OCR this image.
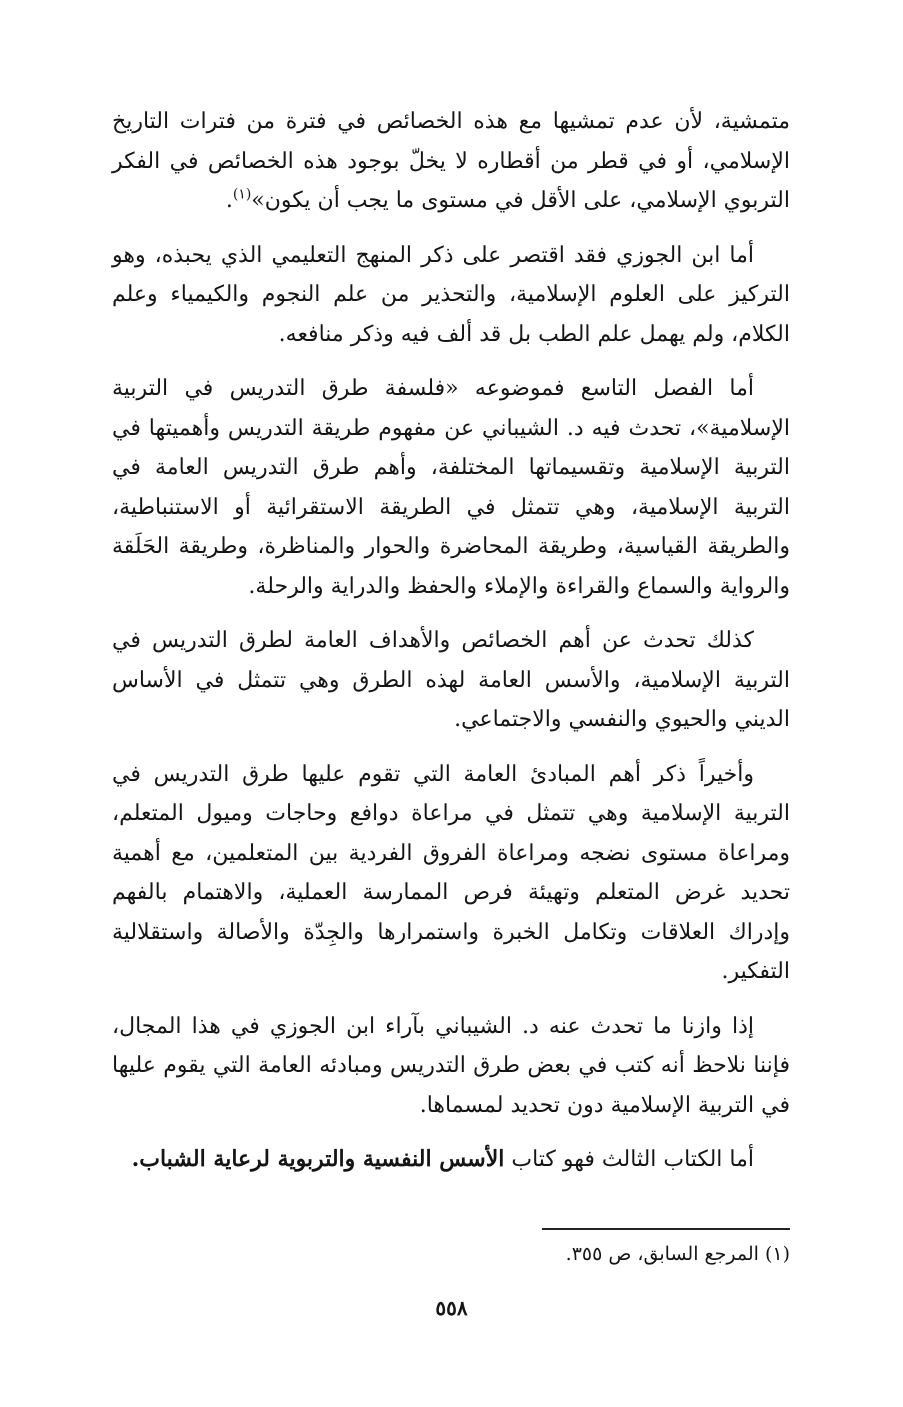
متمشية، لأن عدم تمشيها مع هذه الخصائص في فترة من فترات التاريخ الإسلامي، أو في قطر من أقطاره لا يخلّ بوجود هذه الخصائص في الفكر التربوي الإسلامي، على الأقل في مستوى ما يجب أن يكون»$^{(١)}$.

أما ابن الجوزي فقد اقتصر على ذكر المنهج التعليمي الذي يحبذه، وهو التركيز على العلوم الإسلامية، والتحذير من علم النجوم والكيمياء وعلم الكلام، ولم يهمل علم الطب بل قد ألف فيه وذكر منافعه.

أما الفصل التاسع فموضوعه «فلسفة طرق التدريس في التربية الإسلامية»، تحدث فيه د. الشيباني عن مفهوم طريقة التدريس وأهميتها في التربية الإسلامية وتقسيماتها المختلفة، وأهم طرق التدريس العامة في التربية الإسلامية، وهي تتمثل في الطريقة الاستقرائية أو الاستنباطية، والطريقة القياسية، وطريقة المحاضرة والحوار والمناظرة، وطريقة الحَلَقة والرواية والسماع والقراءة والإملاء والحفظ والدراية والرحلة.

كذلك تحدث عن أهم الخصائص والأهداف العامة لطرق التدريس في التربية الإسلامية، والأسس العامة لهذه الطرق وهي تتمثل في الأساس الديني والحيوي والنفسي والاجتماعي.

وأخيراً ذكر أهم المبادئ العامة التي تقوم عليها طرق التدريس في التربية الإسلامية وهي تتمثل في مراعاة دوافع وحاجات وميول المتعلم، ومراعاة مستوى نضجه ومراعاة الفروق الفردية بين المتعلمين، مع أهمية تحديد غرض المتعلم وتهيئة فرص الممارسة العملية، والاهتمام بالفهم وإدراك العلاقات وتكامل الخبرة واستمرارها والجِدّة والأصالة واستقلالية التفكير.

إذا وازنا ما تحدث عنه د. الشيباني بآراء ابن الجوزي في هذا المجال، فإننا نلاحظ أنه كتب في بعض طرق التدريس ومبادئه العامة التي يقوم عليها في التربية الإسلامية دون تحديد لمسماها.

أما الكتاب الثالث فهو كتاب الأسس النفسية والتربوية لرعاية الشباب.

(١) المرجع السابق، ص ٣٥٥.
٥٥٨
